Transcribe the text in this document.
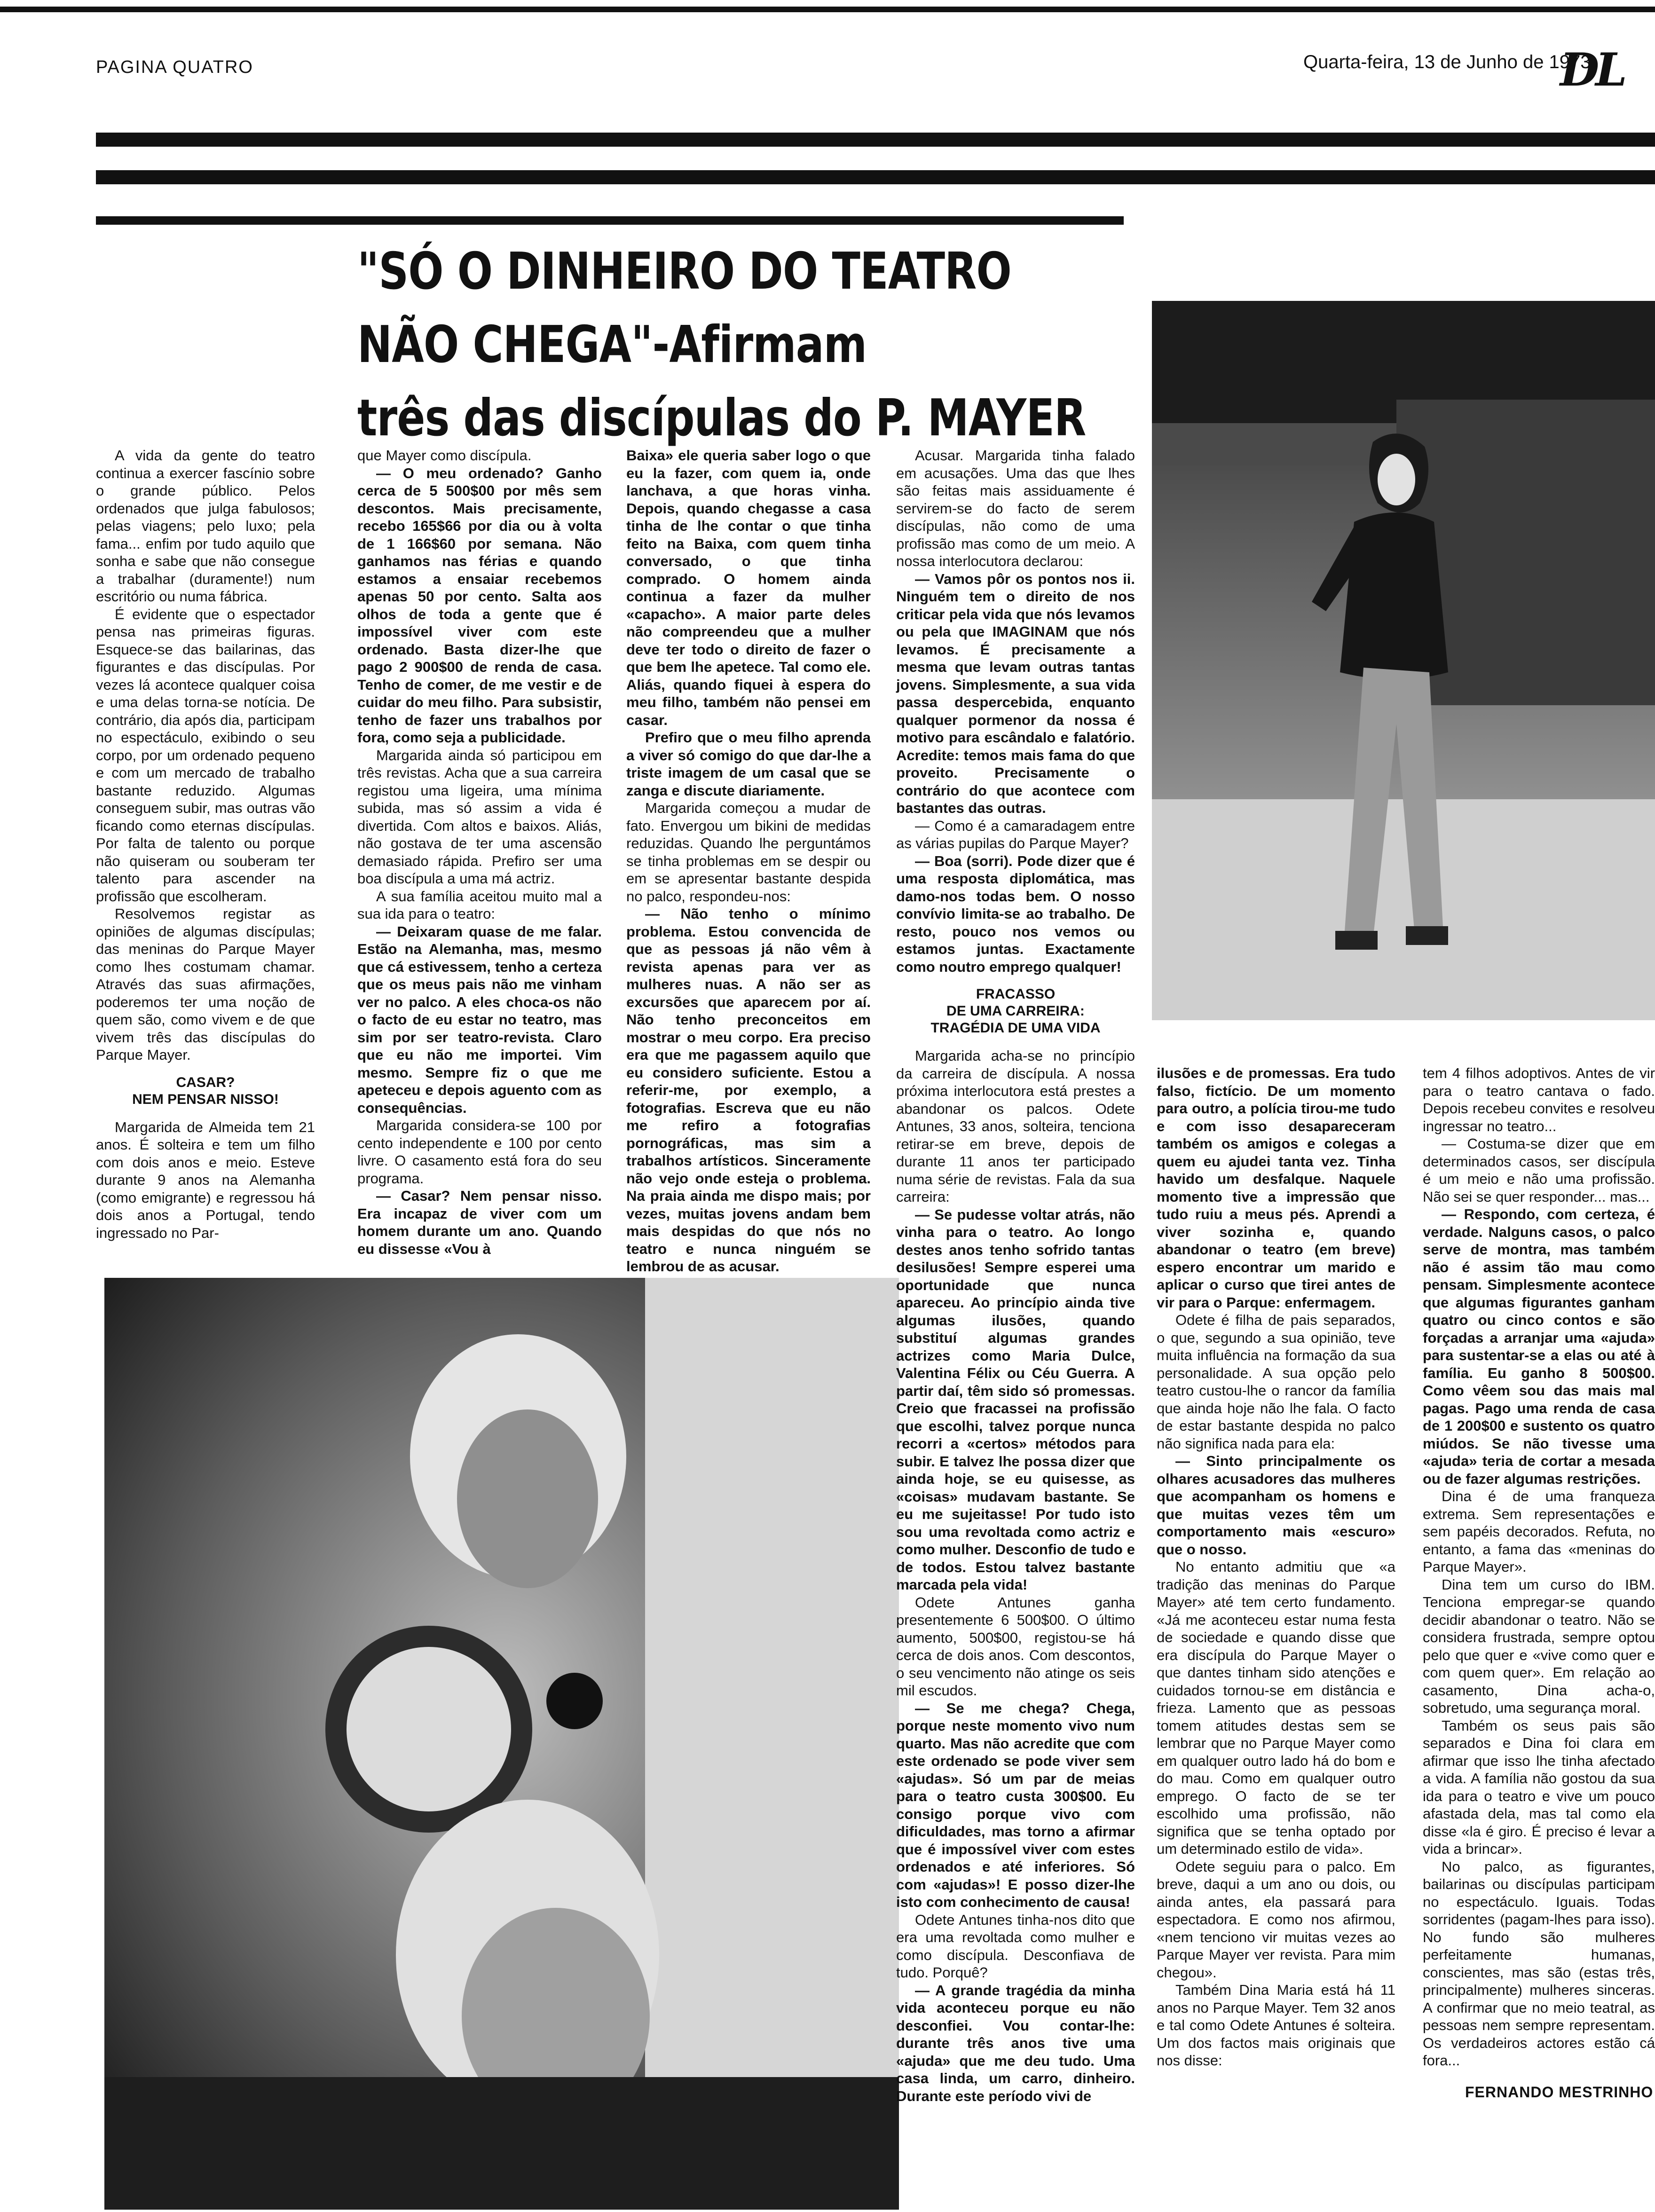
PAGINA QUATRO	Quarta-feira, 13 de Junho de 1973
DL
"SÓ O DINHEIRO DO TEATRO
NÃO CHEGA"-Afirmam
três das discípulas do P. MAYER

A vida da gente do teatro continua a exercer fascínio sobre o grande público. Pelos ordenados que julga fabulosos; pelas viagens; pelo luxo; pela fama... enfim por tudo aquilo que sonha e sabe que não consegue a trabalhar (duramente!) num escritório ou numa fábrica.

É evidente que o espectador pensa nas primeiras figuras. Esquece-se das bailarinas, das figurantes e das discípulas. Por vezes lá acontece qualquer coisa e uma delas torna-se notícia. De contrário, dia após dia, participam no espectáculo, exibindo o seu corpo, por um ordenado pequeno e com um mercado de trabalho bastante reduzido. Algumas conseguem subir, mas outras vão ficando como eternas discípulas. Por falta de talento ou porque não quiseram ou souberam ter talento para ascender na profissão que escolheram.

Resolvemos registar as opiniões de algumas discípulas; das meninas do Parque Mayer como lhes costumam chamar. Através das suas afirmações, poderemos ter uma noção de quem são, como vivem e de que vivem três das discípulas do Parque Mayer.

CASAR?
NEM PENSAR NISSO!

Margarida de Almeida tem 21 anos. É solteira e tem um filho com dois anos e meio. Esteve durante 9 anos na Alemanha (como emigrante) e regressou há dois anos a Portugal, tendo ingressado no Par-

que Mayer como discípula.

— O meu ordenado? Ganho cerca de 5 500$00 por mês sem descontos. Mais precisamente, recebo 165$66 por dia ou à volta de 1 166$60 por semana. Não ganhamos nas férias e quando estamos a ensaiar recebemos apenas 50 por cento. Salta aos olhos de toda a gente que é impossível viver com este ordenado. Basta dizer-lhe que pago 2 900$00 de renda de casa. Tenho de comer, de me vestir e de cuidar do meu filho. Para subsistir, tenho de fazer uns trabalhos por fora, como seja a publicidade.

Margarida ainda só participou em três revistas. Acha que a sua carreira registou uma ligeira, uma mínima subida, mas só assim a vida é divertida. Com altos e baixos. Aliás, não gostava de ter uma ascensão demasiado rápida. Prefiro ser uma boa discípula a uma má actriz.

A sua família aceitou muito mal a sua ida para o teatro:

— Deixaram quase de me falar. Estão na Alemanha, mas, mesmo que cá estivessem, tenho a certeza que os meus pais não me vinham ver no palco. A eles choca-os não o facto de eu estar no teatro, mas sim por ser teatro-revista. Claro que eu não me importei. Vim mesmo. Sempre fiz o que me apeteceu e depois aguento com as consequências.

Margarida considera-se 100 por cento independente e 100 por cento livre. O casamento está fora do seu programa.

— Casar? Nem pensar nisso. Era incapaz de viver com um homem durante um ano. Quando eu dissesse «Vou à

Baixa» ele queria saber logo o que eu la fazer, com quem ia, onde lanchava, a que horas vinha. Depois, quando chegasse a casa tinha de lhe contar o que tinha feito na Baixa, com quem tinha conversado, o que tinha comprado. O homem ainda continua a fazer da mulher «capacho». A maior parte deles não compreendeu que a mulher deve ter todo o direito de fazer o que bem lhe apetece. Tal como ele. Aliás, quando fiquei à espera do meu filho, também não pensei em casar.

Prefiro que o meu filho aprenda a viver só comigo do que dar-lhe a triste imagem de um casal que se zanga e discute diariamente.

Margarida começou a mudar de fato. Envergou um bikini de medidas reduzidas. Quando lhe perguntámos se tinha problemas em se despir ou em se apresentar bastante despida no palco, respondeu-nos:

— Não tenho o mínimo problema. Estou convencida de que as pessoas já não vêm à revista apenas para ver as mulheres nuas. A não ser as excursões que aparecem por aí. Não tenho preconceitos em mostrar o meu corpo. Era preciso era que me pagassem aquilo que eu considero suficiente. Estou a referir-me, por exemplo, a fotografias. Escreva que eu não me refiro a fotografias pornográficas, mas sim a trabalhos artísticos. Sinceramente não vejo onde esteja o problema. Na praia ainda me dispo mais; por vezes, muitas jovens andam bem mais despidas do que nós no teatro e nunca ninguém se lembrou de as acusar.

Acusar. Margarida tinha falado em acusações. Uma das que lhes são feitas mais assiduamente é servirem-se do facto de serem discípulas, não como de uma profissão mas como de um meio. A nossa interlocutora declarou:

— Vamos pôr os pontos nos ii. Ninguém tem o direito de nos criticar pela vida que nós levamos ou pela que IMAGINAM que nós levamos. É precisamente a mesma que levam outras tantas jovens. Simplesmente, a sua vida passa despercebida, enquanto qualquer pormenor da nossa é motivo para escândalo e falatório. Acredite: temos mais fama do que proveito. Precisamente o contrário do que acontece com bastantes das outras.

— Como é a camaradagem entre as várias pupilas do Parque Mayer?

— Boa (sorri). Pode dizer que é uma resposta diplomática, mas damo-nos todas bem. O nosso convívio limita-se ao trabalho. De resto, pouco nos vemos ou estamos juntas. Exactamente como noutro emprego qualquer!

FRACASSO
DE UMA CARREIRA:
TRAGÉDIA DE UMA VIDA

Margarida acha-se no princípio da carreira de discípula. A nossa próxima interlocutora está prestes a abandonar os palcos. Odete Antunes, 33 anos, solteira, tenciona retirar-se em breve, depois de durante 11 anos ter participado numa série de revistas. Fala da sua carreira:

— Se pudesse voltar atrás, não vinha para o teatro. Ao longo destes anos tenho sofrido tantas desilusões! Sempre esperei uma oportunidade que nunca apareceu. Ao princípio ainda tive algumas ilusões, quando substituí algumas grandes actrizes como Maria Dulce, Valentina Félix ou Céu Guerra. A partir daí, têm sido só promessas. Creio que fracassei na profissão que escolhi, talvez porque nunca recorri a «certos» métodos para subir. E talvez lhe possa dizer que ainda hoje, se eu quisesse, as «coisas» mudavam bastante. Se eu me sujeitasse! Por tudo isto sou uma revoltada como actriz e como mulher. Desconfio de tudo e de todos. Estou talvez bastante marcada pela vida!

Odete Antunes ganha presentemente 6 500$00. O último aumento, 500$00, registou-se há cerca de dois anos. Com descontos, o seu vencimento não atinge os seis mil escudos.

— Se me chega? Chega, porque neste momento vivo num quarto. Mas não acredite que com este ordenado se pode viver sem «ajudas». Só um par de meias para o teatro custa 300$00. Eu consigo porque vivo com dificuldades, mas torno a afirmar que é impossível viver com estes ordenados e até inferiores. Só com «ajudas»! E posso dizer-lhe isto com conhecimento de causa!

Odete Antunes tinha-nos dito que era uma revoltada como mulher e como discípula. Desconfiava de tudo. Porquê?

— A grande tragédia da minha vida aconteceu porque eu não desconfiei. Vou contar-lhe: durante três anos tive uma «ajuda» que me deu tudo. Uma casa linda, um carro, dinheiro. Durante este período vivi de

ilusões e de promessas. Era tudo falso, fictício. De um momento para outro, a polícia tirou-me tudo e com isso desapareceram também os amigos e colegas a quem eu ajudei tanta vez. Tinha havido um desfalque. Naquele momento tive a impressão que tudo ruiu a meus pés. Aprendi a viver sozinha e, quando abandonar o teatro (em breve) espero encontrar um marido e aplicar o curso que tirei antes de vir para o Parque: enfermagem.

Odete é filha de pais separados, o que, segundo a sua opinião, teve muita influência na formação da sua personalidade. A sua opção pelo teatro custou-lhe o rancor da família que ainda hoje não lhe fala. O facto de estar bastante despida no palco não significa nada para ela:

— Sinto principalmente os olhares acusadores das mulheres que acompanham os homens e que muitas vezes têm um comportamento mais «escuro» que o nosso.

No entanto admitiu que «a tradição das meninas do Parque Mayer» até tem certo fundamento. «Já me aconteceu estar numa festa de sociedade e quando disse que era discípula do Parque Mayer o que dantes tinham sido atenções e cuidados tornou-se em distância e frieza. Lamento que as pessoas tomem atitudes destas sem se lembrar que no Parque Mayer como em qualquer outro lado há do bom e do mau. Como em qualquer outro emprego. O facto de se ter escolhido uma profissão, não significa que se tenha optado por um determinado estilo de vida».

Odete seguiu para o palco. Em breve, daqui a um ano ou dois, ou ainda antes, ela passará para espectadora. E como nos afirmou, «nem tenciono vir muitas vezes ao Parque Mayer ver revista. Para mim chegou».

Também Dina Maria está há 11 anos no Parque Mayer. Tem 32 anos e tal como Odete Antunes é solteira. Um dos factos mais originais que nos disse:

tem 4 filhos adoptivos. Antes de vir para o teatro cantava o fado. Depois recebeu convites e resolveu ingressar no teatro...

— Costuma-se dizer que em determinados casos, ser discípula é um meio e não uma profissão. Não sei se quer responder... mas...

— Respondo, com certeza, é verdade. Nalguns casos, o palco serve de montra, mas também não é assim tão mau como pensam. Simplesmente acontece que algumas figurantes ganham quatro ou cinco contos e são forçadas a arranjar uma «ajuda» para sustentar-se a elas ou até à família. Eu ganho 8 500$00. Como vêem sou das mais mal pagas. Pago uma renda de casa de 1 200$00 e sustento os quatro miúdos. Se não tivesse uma «ajuda» teria de cortar a mesada ou de fazer algumas restrições.

Dina é de uma franqueza extrema. Sem representações e sem papéis decorados. Refuta, no entanto, a fama das «meninas do Parque Mayer».

Dina tem um curso do IBM. Tenciona empregar-se quando decidir abandonar o teatro. Não se considera frustrada, sempre optou pelo que quer e «vive como quer e com quem quer». Em relação ao casamento, Dina acha-o, sobretudo, uma segurança moral.

Também os seus pais são separados e Dina foi clara em afirmar que isso lhe tinha afectado a vida. A família não gostou da sua ida para o teatro e vive um pouco afastada dela, mas tal como ela disse «la é giro. É preciso é levar a vida a brincar».

No palco, as figurantes, bailarinas ou discípulas participam no espectáculo. Iguais. Todas sorridentes (pagam-lhes para isso). No fundo são mulheres perfeitamente humanas, conscientes, mas são (estas três, principalmente) mulheres sinceras. A confirmar que no meio teatral, as pessoas nem sempre representam. Os verdadeiros actores estão cá fora...

FERNANDO MESTRINHO
